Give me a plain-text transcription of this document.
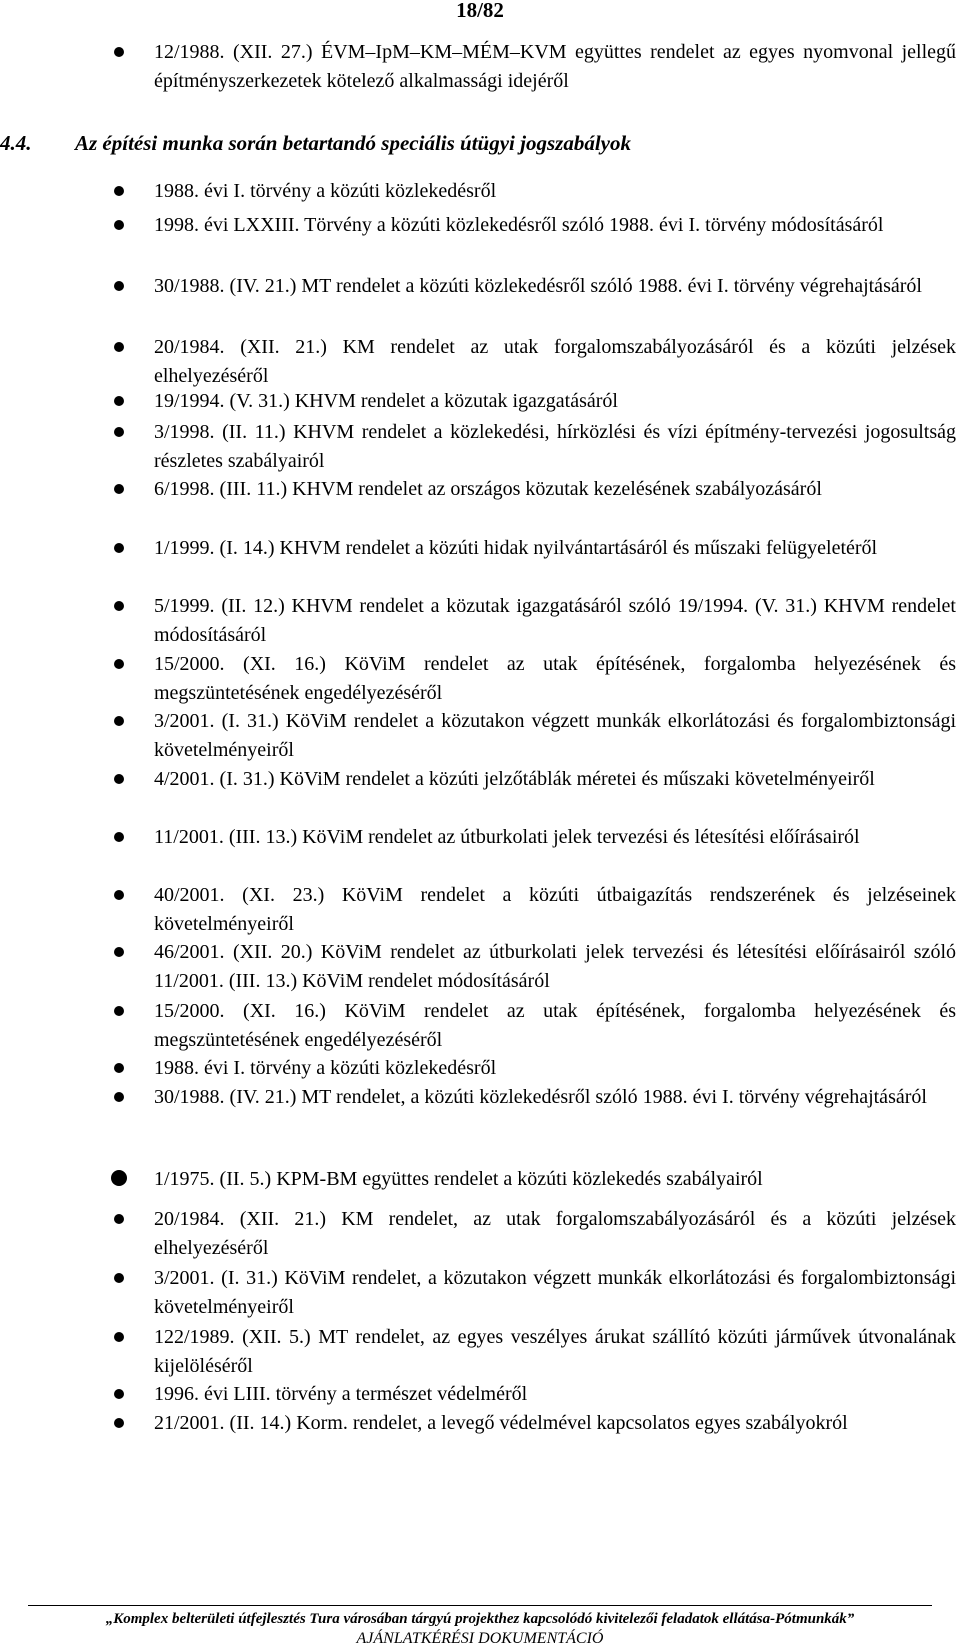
18/82
12/1988. (XII. 27.) ÉVM–IpM–KM–MÉM–KVM együttes rendelet az egyes nyomvonal jellegű építményszerkezetek kötelező alkalmassági idejéről
4.4. Az építési munka során betartandó speciális útügyi jogszabályok
1988. évi I. törvény a közúti közlekedésről
1998. évi LXXIII. Törvény a közúti közlekedésről szóló 1988. évi I. törvény módosításáról
30/1988. (IV. 21.) MT rendelet a közúti közlekedésről szóló 1988. évi I. törvény végrehajtásáról
20/1984. (XII. 21.) KM rendelet az utak forgalomszabályozásáról és a közúti jelzések elhelyezéséről
19/1994. (V. 31.) KHVM rendelet a közutak igazgatásáról
3/1998. (II. 11.) KHVM rendelet a közlekedési, hírközlési és vízi építmény-tervezési jogosultság részletes szabályairól
6/1998. (III. 11.) KHVM rendelet az országos közutak kezelésének szabályozásáról
1/1999. (I. 14.) KHVM rendelet a közúti hidak nyilvántartásáról és műszaki felügyeletéről
5/1999. (II. 12.) KHVM rendelet a közutak igazgatásáról szóló 19/1994. (V. 31.) KHVM rendelet módosításáról
15/2000. (XI. 16.) KöViM rendelet az utak építésének, forgalomba helyezésének és megszüntetésének engedélyezéséről
3/2001. (I. 31.) KöViM rendelet a közutakon végzett munkák elkorlátozási és forgalombiztonsági követelményeiről
4/2001. (I. 31.) KöViM rendelet a közúti jelzőtáblák méretei és műszaki követelményeiről
11/2001. (III. 13.) KöViM rendelet az útburkolati jelek tervezési és létesítési előírásairól
40/2001. (XI. 23.) KöViM rendelet a közúti útbaigazítás rendszerének és jelzéseinek követelményeiről
46/2001. (XII. 20.) KöViM rendelet az útburkolati jelek tervezési és létesítési előírásairól szóló 11/2001. (III. 13.) KöViM rendelet módosításáról
15/2000. (XI. 16.) KöViM rendelet az utak építésének, forgalomba helyezésének és megszüntetésének engedélyezéséről
1988. évi I. törvény a közúti közlekedésről
30/1988. (IV. 21.) MT rendelet, a közúti közlekedésről szóló 1988. évi I. törvény végrehajtásáról
1/1975. (II. 5.) KPM-BM együttes rendelet a közúti közlekedés szabályairól
20/1984. (XII. 21.) KM rendelet, az utak forgalomszabályozásáról és a közúti jelzések elhelyezéséről
3/2001. (I. 31.) KöViM rendelet, a közutakon végzett munkák elkorlátozási és forgalombiztonsági követelményeiről
122/1989. (XII. 5.) MT rendelet, az egyes veszélyes árukat szállító közúti járművek útvonalának kijelöléséről
1996. évi LIII. törvény a természet védelméről
21/2001. (II. 14.) Korm. rendelet, a levegő védelmével kapcsolatos egyes szabályokról
„Komplex belterületi útfejlesztés Tura városában tárgyú projekthez kapcsolódó kivitelezői feladatok ellátása-Pótmunkák”
AJÁNLATKÉRÉSI DOKUMENTÁCIÓ
